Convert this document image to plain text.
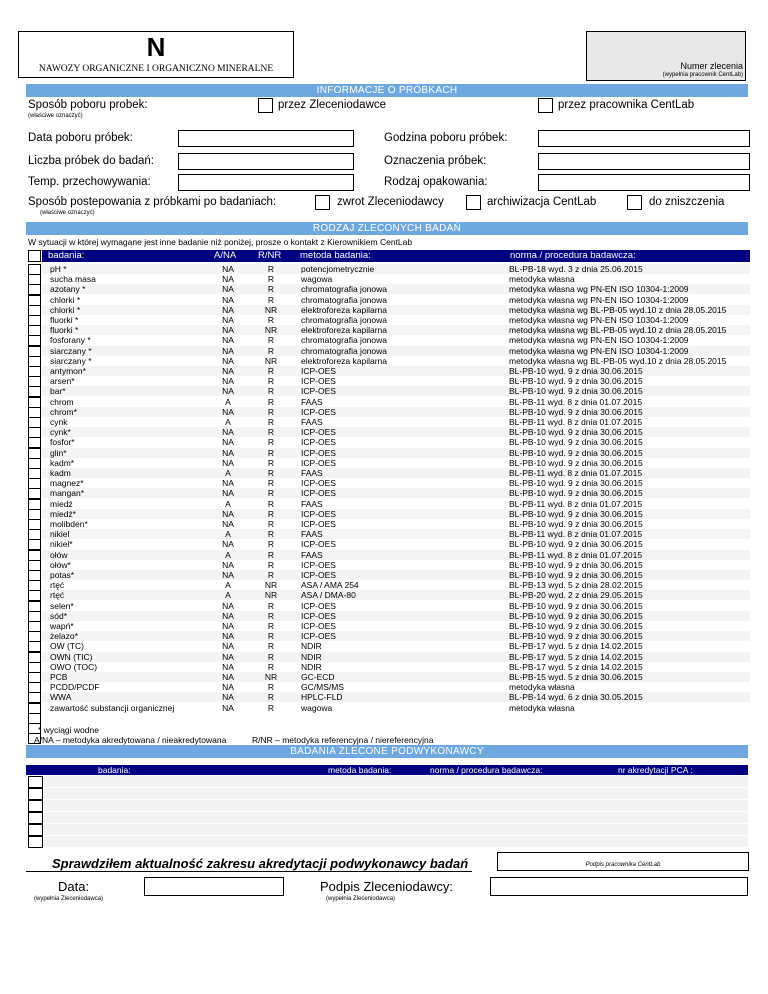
N
NAWOZY ORGANICZNE I ORGANICZNO MINERALNE	Numer zlecenia
(wypełnia pracownik CentLab)
INFORMACJE O PRÓBKACH
Sposób poboru probek:
(właściwe oznaczyć)
przez Zleceniodawce	przez pracownika CentLab
Data poboru próbek:	Godzina poboru próbek:
Liczba próbek do badań:	Oznaczenia próbek:
Temp. przechowywania:	Rodzaj opakowania:
Sposób postepowania z próbkami po badaniach:
(właściwe oznaczyć)
zwrot Zleceniodawcy	archiwizacja CentLab	do zniszczenia
RODZAJ ZLECONYCH BADAŃ
W sytuacji w której wymagane jest inne badanie niż poniżej, prosze o kontakt z Kierownikiem CentLab
badania:	A/NA R/NR metoda badania:	norma / procedura badawcza:
pH *	NA	R	potencjometrycznie	BL-PB-18 wyd. 3 z dnia 25.06.2015
sucha masa	NA	R	wagowa	metodyka własna
azotany *	NA	R	chromatografia jonowa	metodyka własna wg PN-EN ISO 10304-1:2009
chlorki *	NA	R	chromatografia jonowa	metodyka własna wg PN-EN ISO 10304-1:2009
chlorki *	NA	NR	elektroforeza kapilarna	metodyka własna wg BL-PB-05 wyd.10 z dnia 28.05.2015
fluorki *	NA	R	chromatografia jonowa	metodyka własna wg PN-EN ISO 10304-1:2009
fluorki *	NA	NR	elektroforeza kapilarna	metodyka własna wg BL-PB-05 wyd.10 z dnia 28.05.2015
fosforany *	NA	R	chromatografia jonowa	metodyka własna wg PN-EN ISO 10304-1:2009
siarczany *	NA	R	chromatografia jonowa	metodyka własna wg PN-EN ISO 10304-1:2009
siarczany *	NA	NR	elektroforeza kapilarna	metodyka własna wg BL-PB-05 wyd.10 z dnia 28.05.2015
antymon*	NA	R	ICP-OES	BL-PB-10 wyd. 9 z dnia 30.06.2015
arsen*	NA	R	ICP-OES	BL-PB-10 wyd. 9 z dnia 30.06.2015
bar*	NA	R	ICP-OES	BL-PB-10 wyd. 9 z dnia 30.06.2015
chrom	A	R	FAAS	BL-PB-11 wyd. 8 z dnia 01.07.2015
chrom*	NA	R	ICP-OES	BL-PB-10 wyd. 9 z dnia 30.06.2015
cynk	A	R	FAAS	BL-PB-11 wyd. 8 z dnia 01.07.2015
cynk*	NA	R	ICP-OES	BL-PB-10 wyd. 9 z dnia 30.06.2015
fosfor*	NA	R	ICP-OES	BL-PB-10 wyd. 9 z dnia 30.06.2015
glin*	NA	R	ICP-OES	BL-PB-10 wyd. 9 z dnia 30.06.2015
kadm*	NA	R	ICP-OES	BL-PB-10 wyd. 9 z dnia 30.06.2015
kadm	A	R	FAAS	BL-PB-11 wyd. 8 z dnia 01.07.2015
magnez*	NA	R	ICP-OES	BL-PB-10 wyd. 9 z dnia 30.06.2015
mangan*	NA	R	ICP-OES	BL-PB-10 wyd. 9 z dnia 30.06.2015
miedź	A	R	FAAS	BL-PB-11 wyd. 8 z dnia 01.07.2015
miedź*	NA	R	ICP-OES	BL-PB-10 wyd. 9 z dnia 30.06.2015
molibden*	NA	R	ICP-OES	BL-PB-10 wyd. 9 z dnia 30.06.2015
nikiel	A	R	FAAS	BL-PB-11 wyd. 8 z dnia 01.07.2015
nikiel*	NA	R	ICP-OES	BL-PB-10 wyd. 9 z dnia 30.06.2015
ołów	A	R	FAAS	BL-PB-11 wyd. 8 z dnia 01.07.2015
ołów*	NA	R	ICP-OES	BL-PB-10 wyd. 9 z dnia 30.06.2015
potas*	NA	R	ICP-OES	BL-PB-10 wyd. 9 z dnia 30.06.2015
rtęć	A	NR	ASA / AMA 254	BL-PB-13 wyd. 5 z dnia 28.02.2015
rtęć	A	NR	ASA / DMA-80	BL-PB-20 wyd. 2 z dnia 29.05.2015
selen*	NA	R	ICP-OES	BL-PB-10 wyd. 9 z dnia 30.06.2015
sód*	NA	R	ICP-OES	BL-PB-10 wyd. 9 z dnia 30.06.2015
wapń*	NA	R	ICP-OES	BL-PB-10 wyd. 9 z dnia 30.06.2015
żelazo*	NA	R	ICP-OES	BL-PB-10 wyd. 9 z dnia 30.06.2015
OW (TC)	NA	R	NDIR	BL-PB-17 wyd. 5 z dnia 14.02.2015
OWN (TIC)	NA	R	NDIR	BL-PB-17 wyd. 5 z dnia 14.02.2015
OWO (TOC)	NA	R	NDIR	BL-PB-17 wyd. 5 z dnia 14.02.2015
PCB	NA	NR	GC-ECD	BL-PB-15 wyd. 5 z dnia 30.06.2015
PCDD/PCDF	NA	R	GC/MS/MS	metodyka własna
WWA	NA	R	HPLC-FLD	BL-PB-14 wyd. 6 z dnia 30.05.2015
zawartość substancji organicznej	NA	R	wagowa	metodyka własna
* wyciągi wodne
A/NA – metodyka akredytowana / nieakredytowana	R/NR – metodyka referencyjna / niereferencyjna
BADANIA ZLECONE PODWYKONAWCY
badania:	metoda badania:	norma / procedura badawcza:	nr akredytacji PCA :
Sprawdziłem aktualność zakresu akredytacji podwykonawcy badań	Podpis pracownika CentLab
Data:
(wypełnia Zleceniodawca)
Podpis Zleceniodawcy:
(wypełnia Zleceniodawca)
